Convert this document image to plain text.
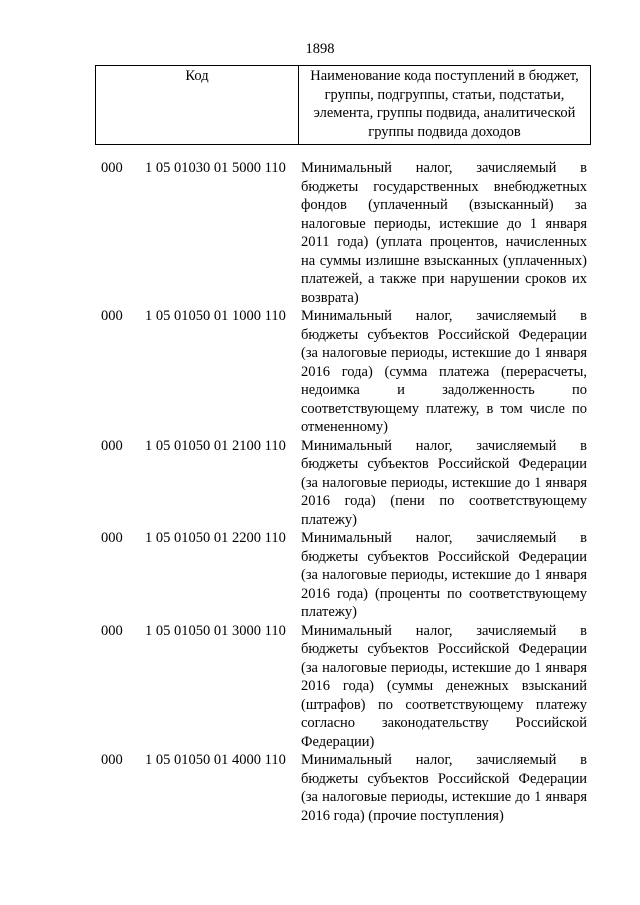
1898
Код	Наименование кода поступлений в бюджет, группы, подгруппы, статьи, подстатьи, элемента, группы подвида, аналитической группы подвида доходов
000 1 05 01030 01 5000 110 Минимальный налог, зачисляемый в бюджеты государственных внебюджетных фондов (уплаченный (взысканный) за налоговые периоды, истекшие до 1 января 2011 года) (уплата процентов, начисленных на суммы излишне взысканных (уплаченных) платежей, а также при нарушении сроков их возврата)
000 1 05 01050 01 1000 110 Минимальный налог, зачисляемый в бюджеты субъектов Российской Федерации (за налоговые периоды, истекшие до 1 января 2016 года) (сумма платежа (перерасчеты, недоимка и задолженность по соответствующему платежу, в том числе по отмененному)
000 1 05 01050 01 2100 110 Минимальный налог, зачисляемый в бюджеты субъектов Российской Федерации (за налоговые периоды, истекшие до 1 января 2016 года) (пени по соответствующему платежу)
000 1 05 01050 01 2200 110 Минимальный налог, зачисляемый в бюджеты субъектов Российской Федерации (за налоговые периоды, истекшие до 1 января 2016 года) (проценты по соответствующему платежу)
000 1 05 01050 01 3000 110 Минимальный налог, зачисляемый в бюджеты субъектов Российской Федерации (за налоговые периоды, истекшие до 1 января 2016 года) (суммы денежных взысканий (штрафов) по соответствующему платежу согласно законодательству Российской Федерации)
000 1 05 01050 01 4000 110 Минимальный налог, зачисляемый в бюджеты субъектов Российской Федерации (за налоговые периоды, истекшие до 1 января 2016 года) (прочие поступления)
